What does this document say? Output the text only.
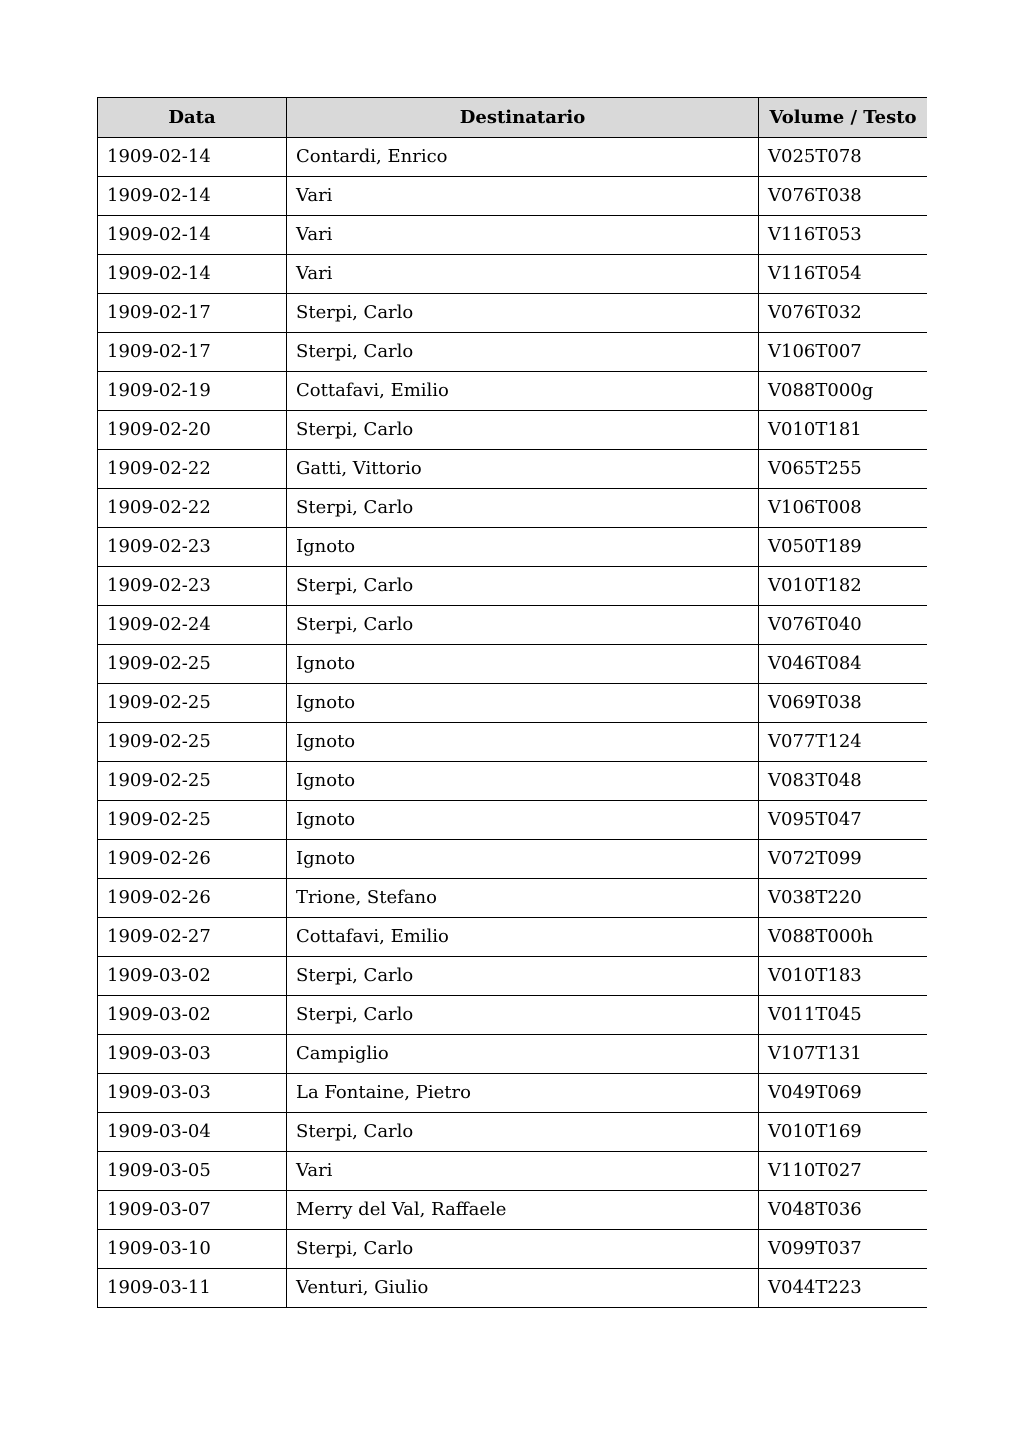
Data	Destinatario	Volume / Testo
1909-02-14	Contardi, Enrico	V025T078
1909-02-14	Vari	V076T038
1909-02-14	Vari	V116T053
1909-02-14	Vari	V116T054
1909-02-17	Sterpi, Carlo	V076T032
1909-02-17	Sterpi, Carlo	V106T007
1909-02-19	Cottafavi, Emilio	V088T000g
1909-02-20	Sterpi, Carlo	V010T181
1909-02-22	Gatti, Vittorio	V065T255
1909-02-22	Sterpi, Carlo	V106T008
1909-02-23	Ignoto	V050T189
1909-02-23	Sterpi, Carlo	V010T182
1909-02-24	Sterpi, Carlo	V076T040
1909-02-25	Ignoto	V046T084
1909-02-25	Ignoto	V069T038
1909-02-25	Ignoto	V077T124
1909-02-25	Ignoto	V083T048
1909-02-25	Ignoto	V095T047
1909-02-26	Ignoto	V072T099
1909-02-26	Trione, Stefano	V038T220
1909-02-27	Cottafavi, Emilio	V088T000h
1909-03-02	Sterpi, Carlo	V010T183
1909-03-02	Sterpi, Carlo	V011T045
1909-03-03	Campiglio	V107T131
1909-03-03	La Fontaine, Pietro	V049T069
1909-03-04	Sterpi, Carlo	V010T169
1909-03-05	Vari	V110T027
1909-03-07	Merry del Val, Raffaele	V048T036
1909-03-10	Sterpi, Carlo	V099T037
1909-03-11	Venturi, Giulio	V044T223
